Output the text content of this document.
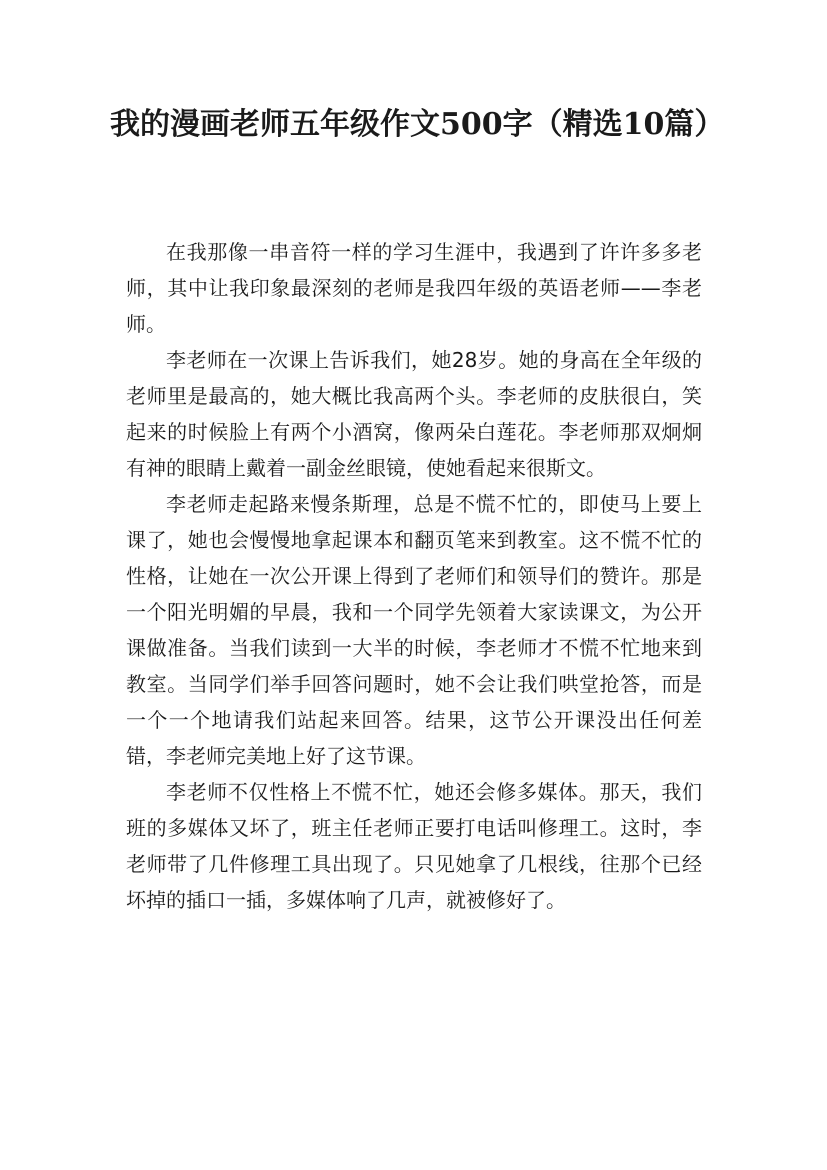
我的漫画老师五年级作文500字（精选10篇）

在我那像一串音符一样的学习生涯中，我遇到了许许多多老师，其中让我印象最深刻的老师是我四年级的英语老师——李老师。

李老师在一次课上告诉我们，她28岁。她的身高在全年级的老师里是最高的，她大概比我高两个头。李老师的皮肤很白，笑起来的时候脸上有两个小酒窝，像两朵白莲花。李老师那双炯炯有神的眼睛上戴着一副金丝眼镜，使她看起来很斯文。

李老师走起路来慢条斯理，总是不慌不忙的，即使马上要上课了，她也会慢慢地拿起课本和翻页笔来到教室。这不慌不忙的性格，让她在一次公开课上得到了老师们和领导们的赞许。那是一个阳光明媚的早晨，我和一个同学先领着大家读课文，为公开课做准备。当我们读到一大半的时候，李老师才不慌不忙地来到教室。当同学们举手回答问题时，她不会让我们哄堂抢答，而是一个一个地请我们站起来回答。结果，这节公开课没出任何差错，李老师完美地上好了这节课。

李老师不仅性格上不慌不忙，她还会修多媒体。那天，我们班的多媒体又坏了，班主任老师正要打电话叫修理工。这时，李老师带了几件修理工具出现了。只见她拿了几根线，往那个已经坏掉的插口一插，多媒体响了几声，就被修好了。
